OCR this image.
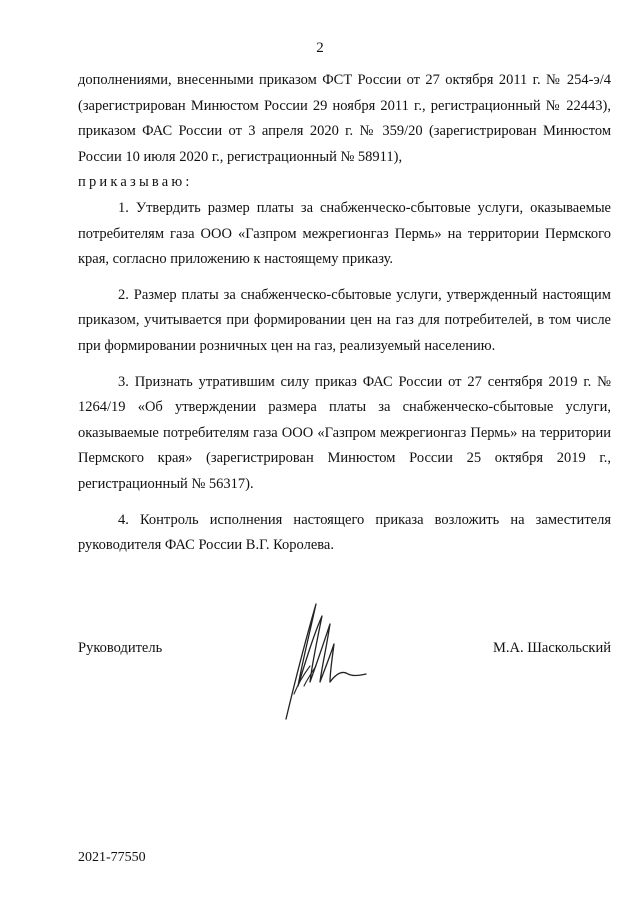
2

дополнениями, внесенными приказом ФСТ России от 27 октября 2011 г. № 254-э/4 (зарегистрирован Минюстом России 29 ноября 2011 г., регистрационный № 22443), приказом ФАС России от 3 апреля 2020 г. № 359/20 (зарегистрирован Минюстом России 10 июля 2020 г., регистрационный № 58911),

приказываю:

1. Утвердить размер платы за снабженческо-сбытовые услуги, оказываемые потребителям газа ООО «Газпром межрегионгаз Пермь» на территории Пермского края, согласно приложению к настоящему приказу.

2. Размер платы за снабженческо-сбытовые услуги, утвержденный настоящим приказом, учитывается при формировании цен на газ для потребителей, в том числе при формировании розничных цен на газ, реализуемый населению.

3. Признать утратившим силу приказ ФАС России от 27 сентября 2019 г. № 1264/19 «Об утверждении размера платы за снабженческо-сбытовые услуги, оказываемые потребителям газа ООО «Газпром межрегионгаз Пермь» на территории Пермского края» (зарегистрирован Минюстом России 25 октября 2019 г., регистрационный № 56317).

4. Контроль исполнения настоящего приказа возложить на заместителя руководителя ФАС России В.Г. Королева.

Руководитель	М.А. Шаскольский
2021-77550
